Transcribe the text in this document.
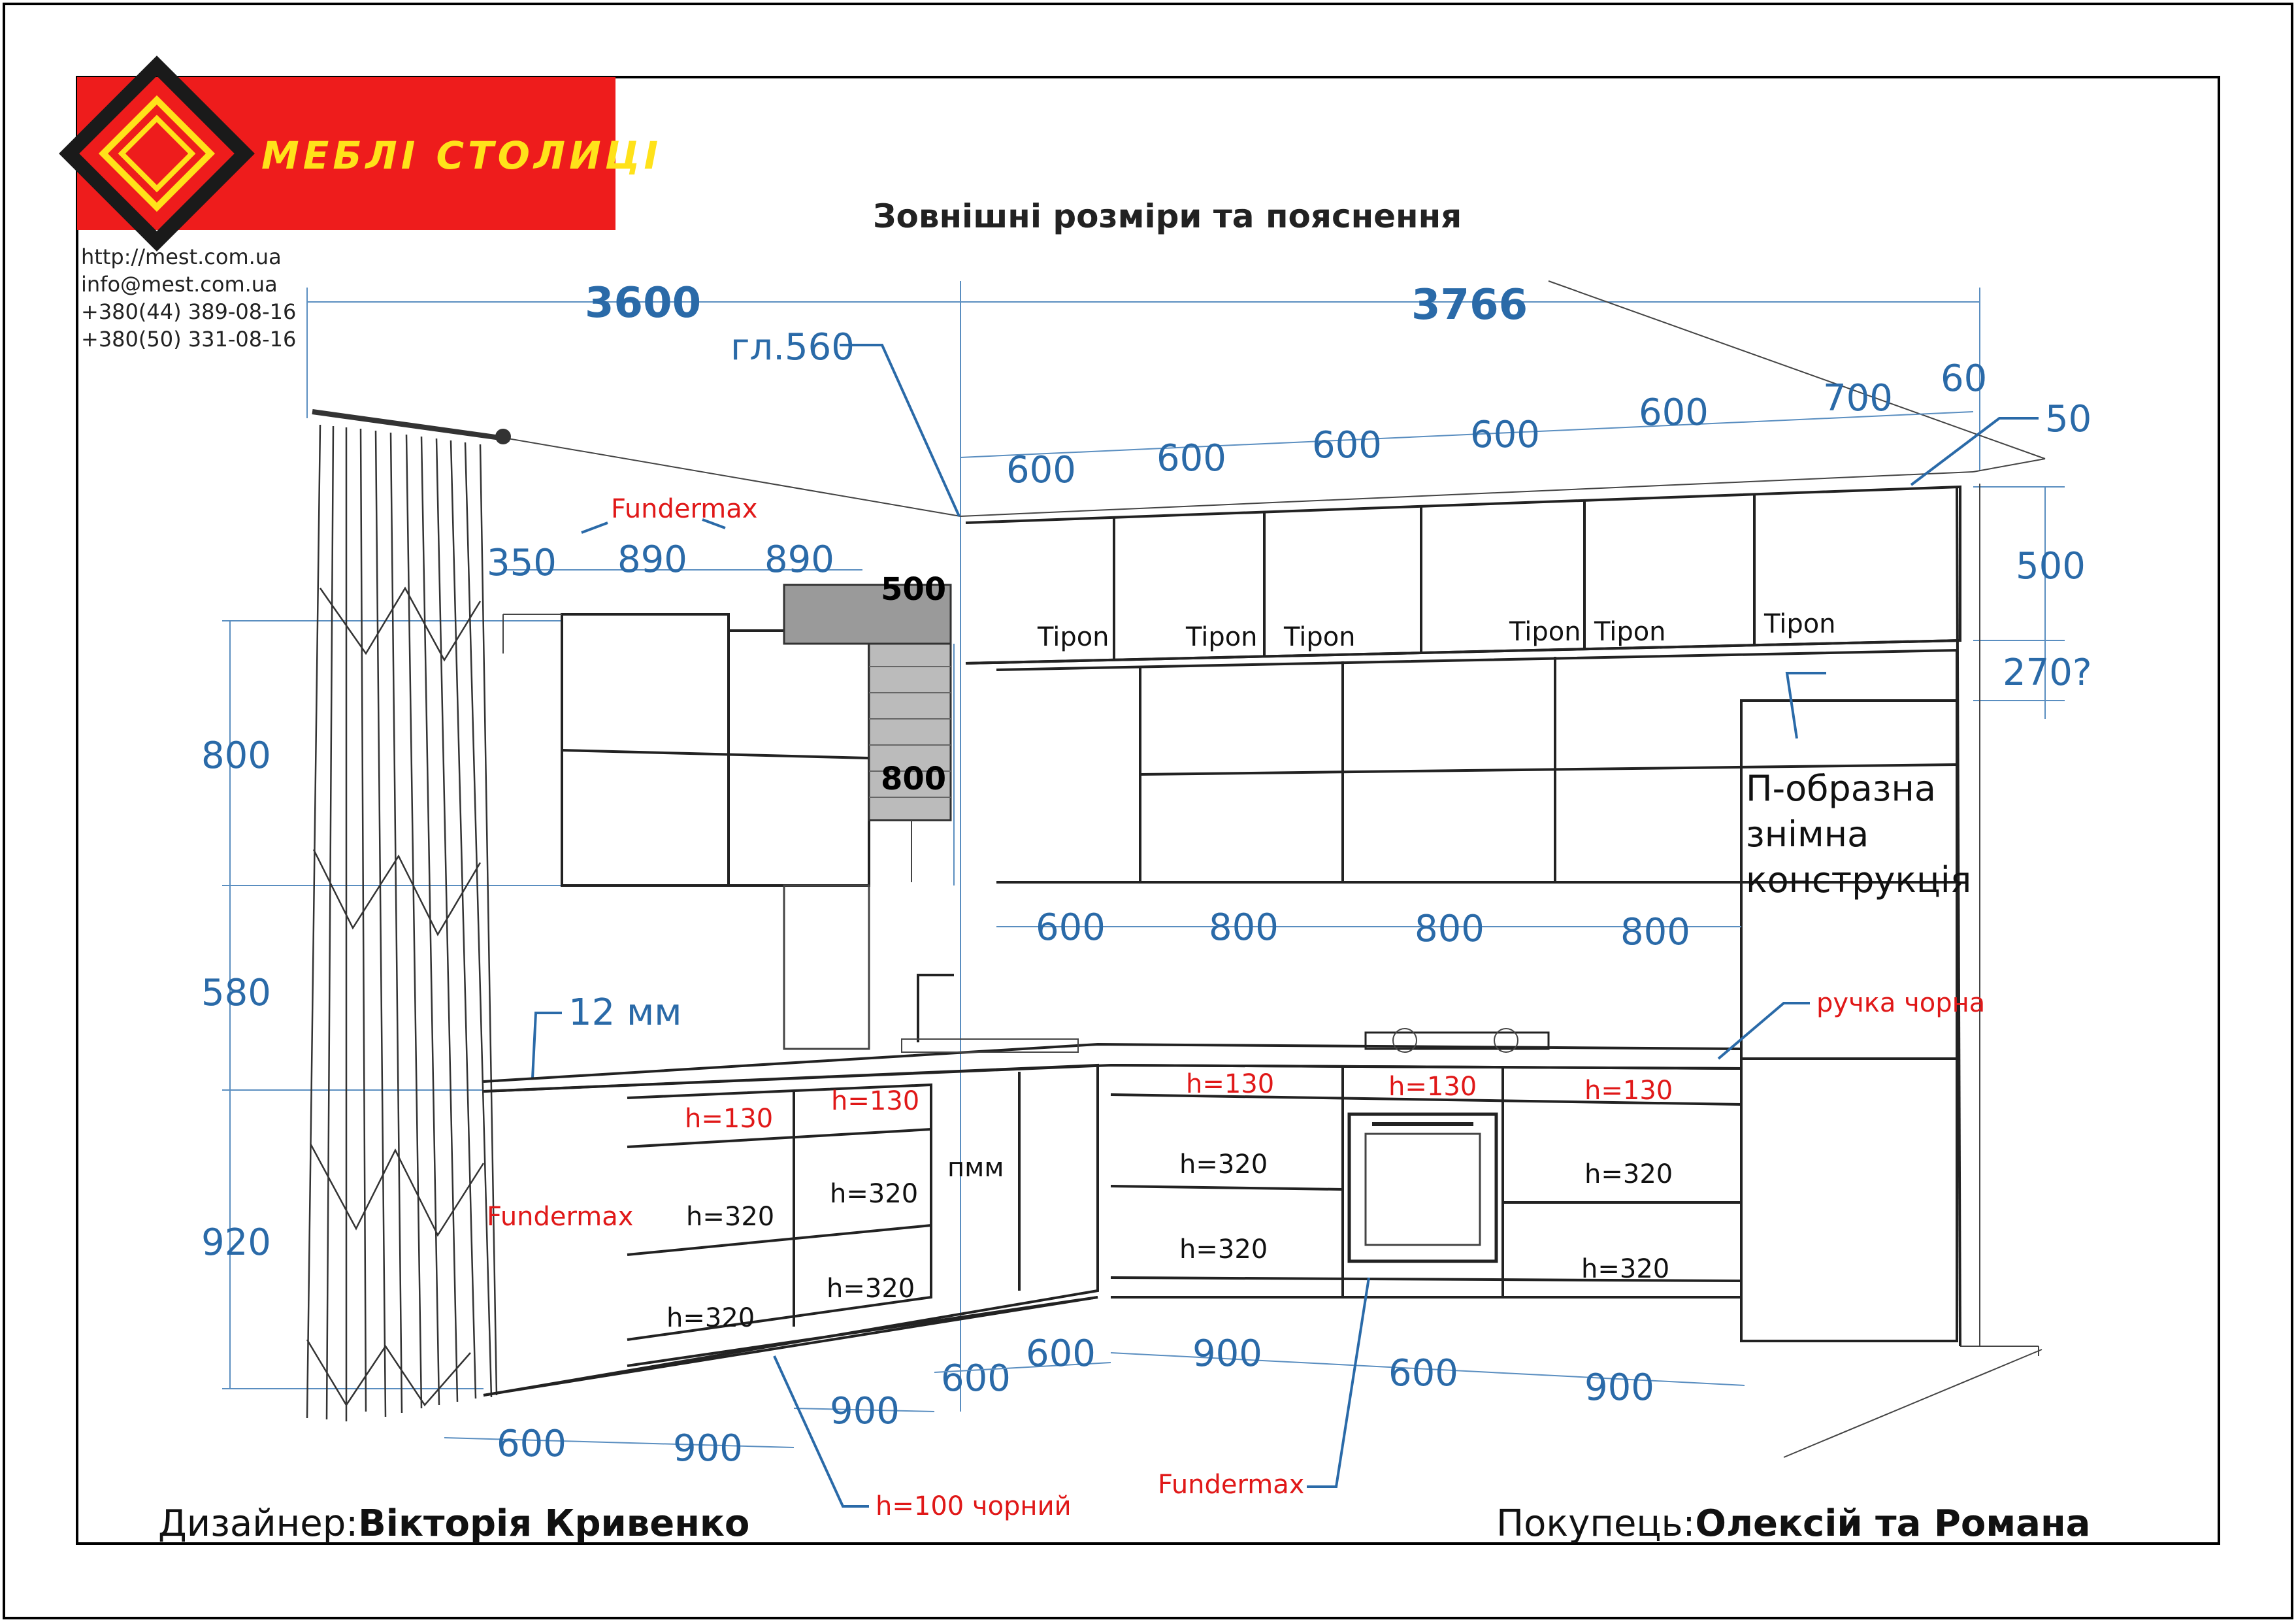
МЕБЛІ СТОЛИЦІ
http://mest.com.ua
info@mest.com.ua
+380(44) 389-08-16
+380(50) 331-08-16
Зовнішні розміри та пояснення
3600	3766
гл.560
600 600 600 600
600	700 60
50
500
270?
800
580
920
350 890 890
Fundermax
500
800
Tipon	Tipon Tipon	Tipon Tipon	Tipon
П-образна
знімна
конструкція
600	800	800	800
12 мм
Fundermax
h=130
h=130
h=320
h=320
h=320
h=320
пмм
h=130	h=130	h=130
h=320
h=320
h=320
h=320
ручка чорна
600	900
900
600
600	900	600	900
h=100 чорний
Fundermax
Дизайнер:Вікторія Кривенко	Покупець:Олексій та Романа
